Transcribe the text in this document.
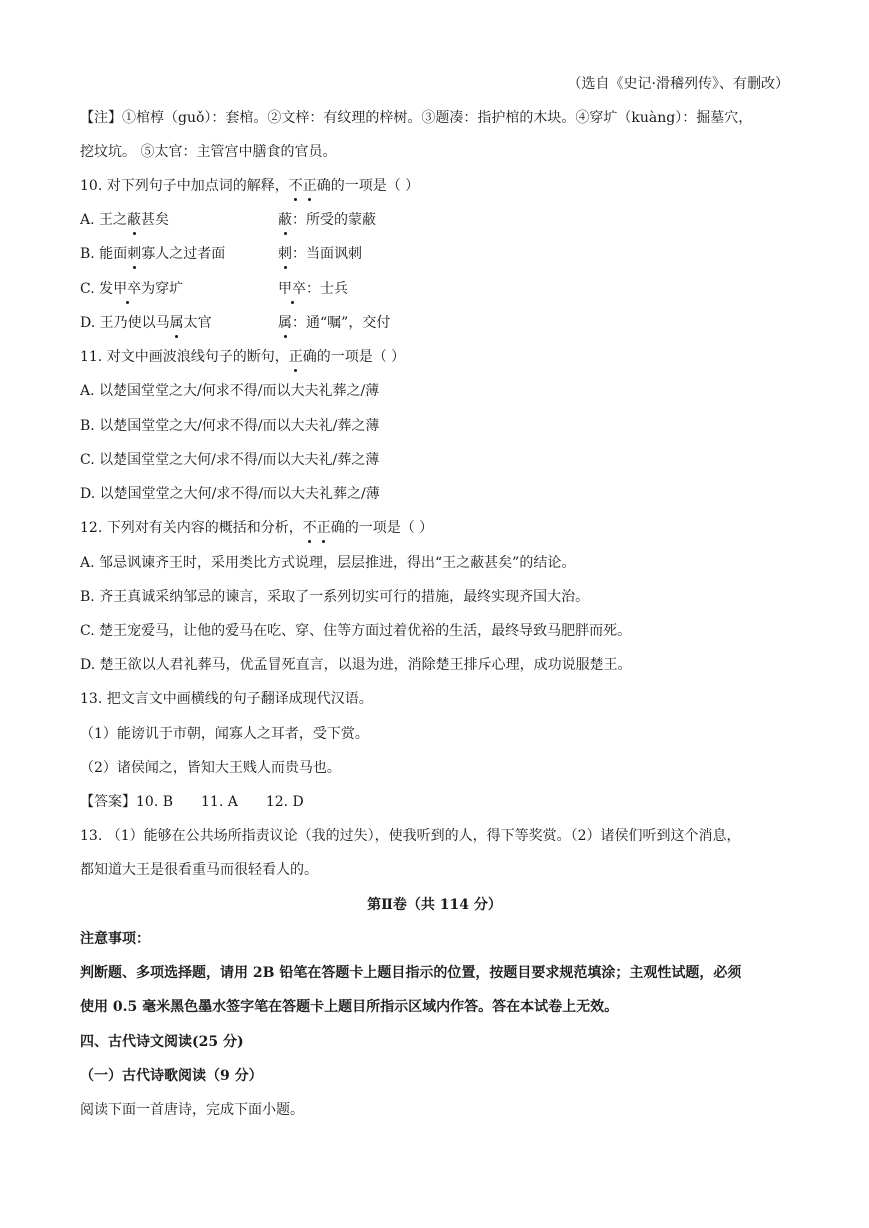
（选自《史记·滑稽列传》、有删改）
【注】①棺椁（guǒ）：套棺。②文梓：有纹理的梓树。③题凑：指护棺的木块。④穿圹（kuàng）：掘墓穴，
挖坟坑。 ⑤太官：主管宫中膳食的官员。
10. 对下列句子中加点词的解释，不正确的一项是（ ）
A. 王之蔽甚矣	蔽：所受的蒙蔽
B. 能面刺寡人之过者面	刺：当面讽刺
C. 发甲卒为穿圹	甲卒：士兵
D. 王乃使以马属太官	属：通“嘱”，交付
11. 对文中画波浪线句子的断句，正确的一项是（ ）
A. 以楚国堂堂之大/何求不得/而以大夫礼葬之/薄
B. 以楚国堂堂之大/何求不得/而以大夫礼/葬之薄
C. 以楚国堂堂之大何/求不得/而以大夫礼/葬之薄
D. 以楚国堂堂之大何/求不得/而以大夫礼葬之/薄
12. 下列对有关内容的概括和分析，不正确的一项是（ ）
A. 邹忌讽谏齐王时，采用类比方式说理，层层推进，得出“王之蔽甚矣”的结论。
B. 齐王真诚采纳邹忌的谏言，采取了一系列切实可行的措施，最终实现齐国大治。
C. 楚王宠爱马，让他的爱马在吃、穿、住等方面过着优裕的生活，最终导致马肥胖而死。
D. 楚王欲以人君礼葬马，优孟冒死直言，以退为进，消除楚王排斥心理，成功说服楚王。
13. 把文言文中画横线的句子翻译成现代汉语。
（1）能谤讥于市朝，闻寡人之耳者，受下赏。
（2）诸侯闻之，皆知大王贱人而贵马也。
【答案】10. B 11. A 12. D
13. （1）能够在公共场所指责议论（我的过失），使我听到的人，得下等奖赏。（2）诸侯们听到这个消息，
都知道大王是很看重马而很轻看人的。
第Ⅱ卷（共 114 分）
注意事项：
判断题、多项选择题，请用 2B 铅笔在答题卡上题目指示的位置，按题目要求规范填涂；主观性试题，必须
使用 0.5 毫米黑色墨水签字笔在答题卡上题目所指示区域内作答。答在本试卷上无效。
四、古代诗文阅读(25 分)
（一）古代诗歌阅读（9 分）
阅读下面一首唐诗，完成下面小题。
